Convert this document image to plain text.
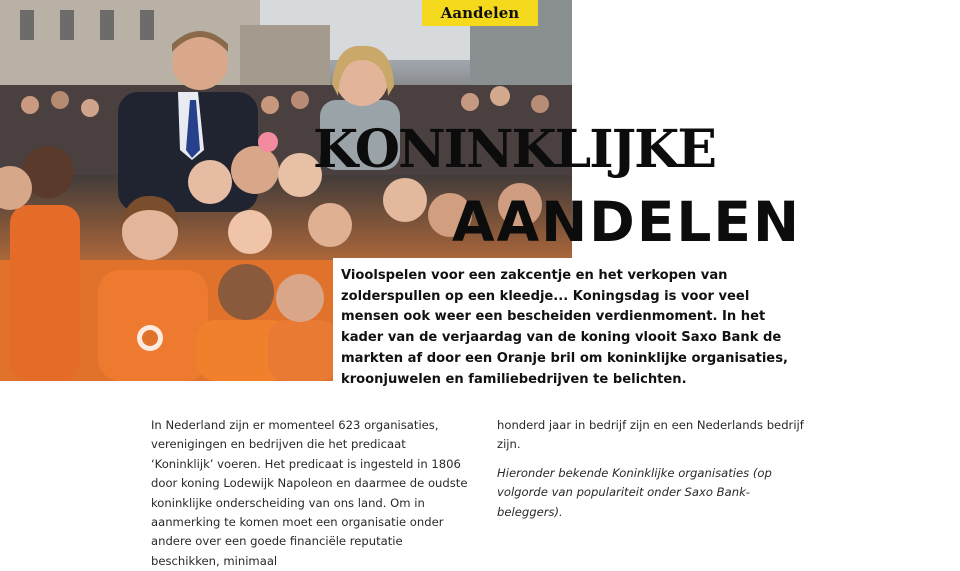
Aandelen
KONINKLIJKE
AANDELEN
Vioolspelen voor een zakcentje en het verkopen van zolderspullen op een kleedje... Koningsdag is voor veel mensen ook weer een bescheiden verdienmoment. In het kader van de verjaardag van de koning vlooit Saxo Bank de markten af door een Oranje bril om koninklijke organisaties, kroonjuwelen en familiebedrijven te belichten.

In Nederland zijn er momenteel 623 organisaties, verenigingen en bedrijven die het predicaat ‘Koninklijk’ voeren. Het predicaat is ingesteld in 1806 door koning Lodewijk Napoleon en daarmee de oudste koninklijke onderscheiding van ons land. Om in aanmerking te komen moet een organisatie onder andere over een goede financiële reputatie beschikken, minimaal

honderd jaar in bedrijf zijn en een Nederlands bedrijf zijn.

Hieronder bekende Koninklijke organisaties (op volgorde van populariteit onder Saxo Bank-beleggers).
